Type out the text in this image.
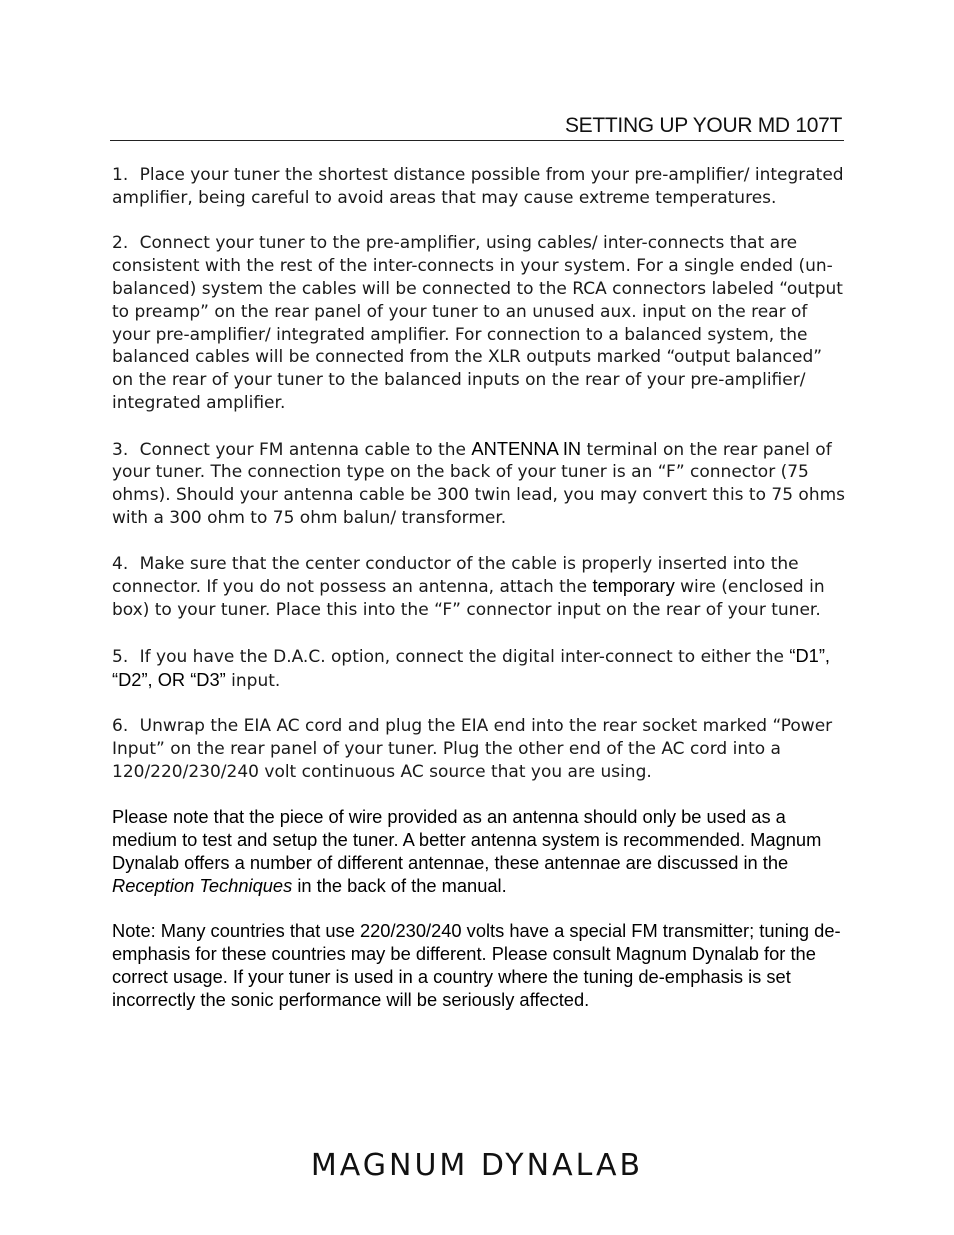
SETTING UP YOUR MD 107T

1. Place your tuner the shortest distance possible from your pre-amplifier/ integrated amplifier, being careful to avoid areas that may cause extreme temperatures.

2. Connect your tuner to the pre-amplifier, using cables/ inter-connects that are consistent with the rest of the inter-connects in your system. For a single ended (un-balanced) system the cables will be connected to the RCA connectors labeled “output to preamp” on the rear panel of your tuner to an unused aux. input on the rear of your pre-amplifier/ integrated amplifier. For connection to a balanced system, the balanced cables will be connected from the XLR outputs marked “output balanced” on the rear of your tuner to the balanced inputs on the rear of your pre-amplifier/ integrated amplifier.

3. Connect your FM antenna cable to the ANTENNA IN terminal on the rear panel of your tuner. The connection type on the back of your tuner is an “F” connector (75 ohms). Should your antenna cable be 300 twin lead, you may convert this to 75 ohms with a 300 ohm to 75 ohm balun/ transformer.

4. Make sure that the center conductor of the cable is properly inserted into the connector. If you do not possess an antenna, attach the temporary wire (enclosed in box) to your tuner. Place this into the “F” connector input on the rear of your tuner.

5. If you have the D.A.C. option, connect the digital inter-connect to either the “D1”, “D2”, OR “D3” input.

6. Unwrap the EIA AC cord and plug the EIA end into the rear socket marked “Power Input” on the rear panel of your tuner. Plug the other end of the AC cord into a 120/220/230/240 volt continuous AC source that you are using.

Please note that the piece of wire provided as an antenna should only be used as a medium to test and setup the tuner. A better antenna system is recommended. Magnum Dynalab offers a number of different antennae, these antennae are discussed in the Reception Techniques in the back of the manual.

Note: Many countries that use 220/230/240 volts have a special FM transmitter; tuning de-emphasis for these countries may be different. Please consult Magnum Dynalab for the correct usage. If your tuner is used in a country where the tuning de-emphasis is set incorrectly the sonic performance will be seriously affected.

MAGNUM DYNALAB
